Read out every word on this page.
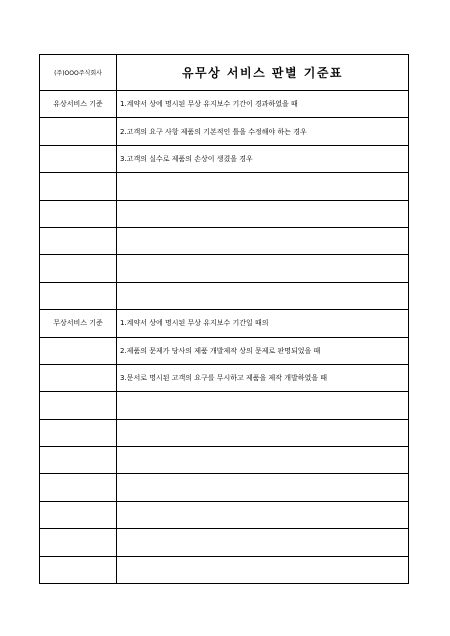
(주)OOO주식회사	유무상 서비스 판별 기준표
유상서비스 기준	1.계약서 상에 명시된 무상 유지보수 기간이 경과하였을 때
	2.고객의 요구 사항 제품의 기본적인 틀을 수정해야 하는 경우
	3.고객의 실수로 제품의 손상이 생겼을 경우

무상서비스 기준	1.계약서 상에 명시된 무상 유지보수 기간일 때의
	2.제품의 문제가 당사의 제품 개발제작 상의 문제로 판명되었을 때
	3.문서로 명시된 고객의 요구를 무시하고 제품을 제작 개발하였을 때
